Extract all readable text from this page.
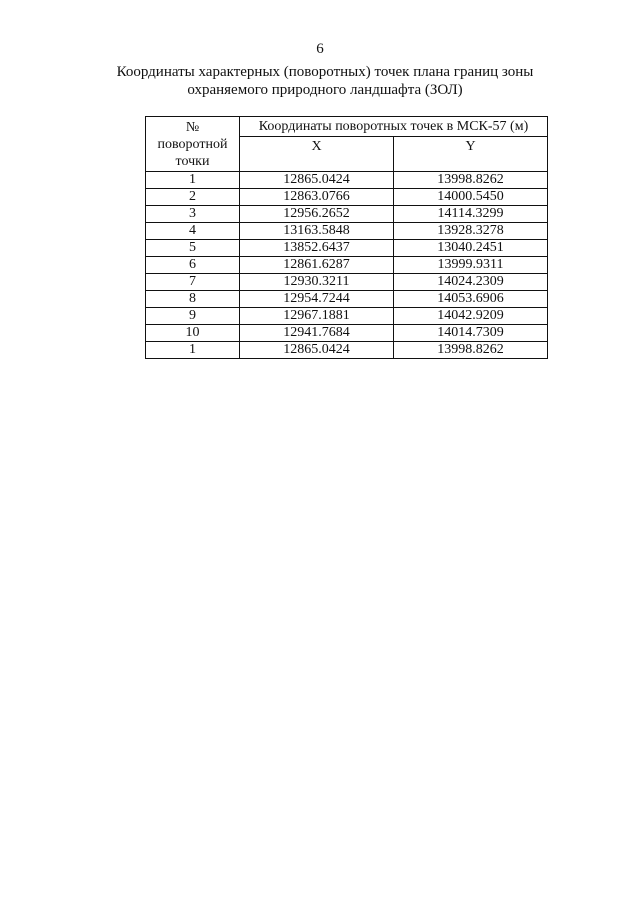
6
Координаты характерных (поворотных) точек плана границ зоны
охраняемого природного ландшафта (ЗОЛ)
№
поворотной
точки	Координаты поворотных точек в МСК-57 (м)	
	X	Y
1	12865.0424	13998.8262
2	12863.0766	14000.5450
3	12956.2652	14114.3299
4	13163.5848	13928.3278
5	13852.6437	13040.2451
6	12861.6287	13999.9311
7	12930.3211	14024.2309
8	12954.7244	14053.6906
9	12967.1881	14042.9209
10	12941.7684	14014.7309
1	12865.0424	13998.8262
